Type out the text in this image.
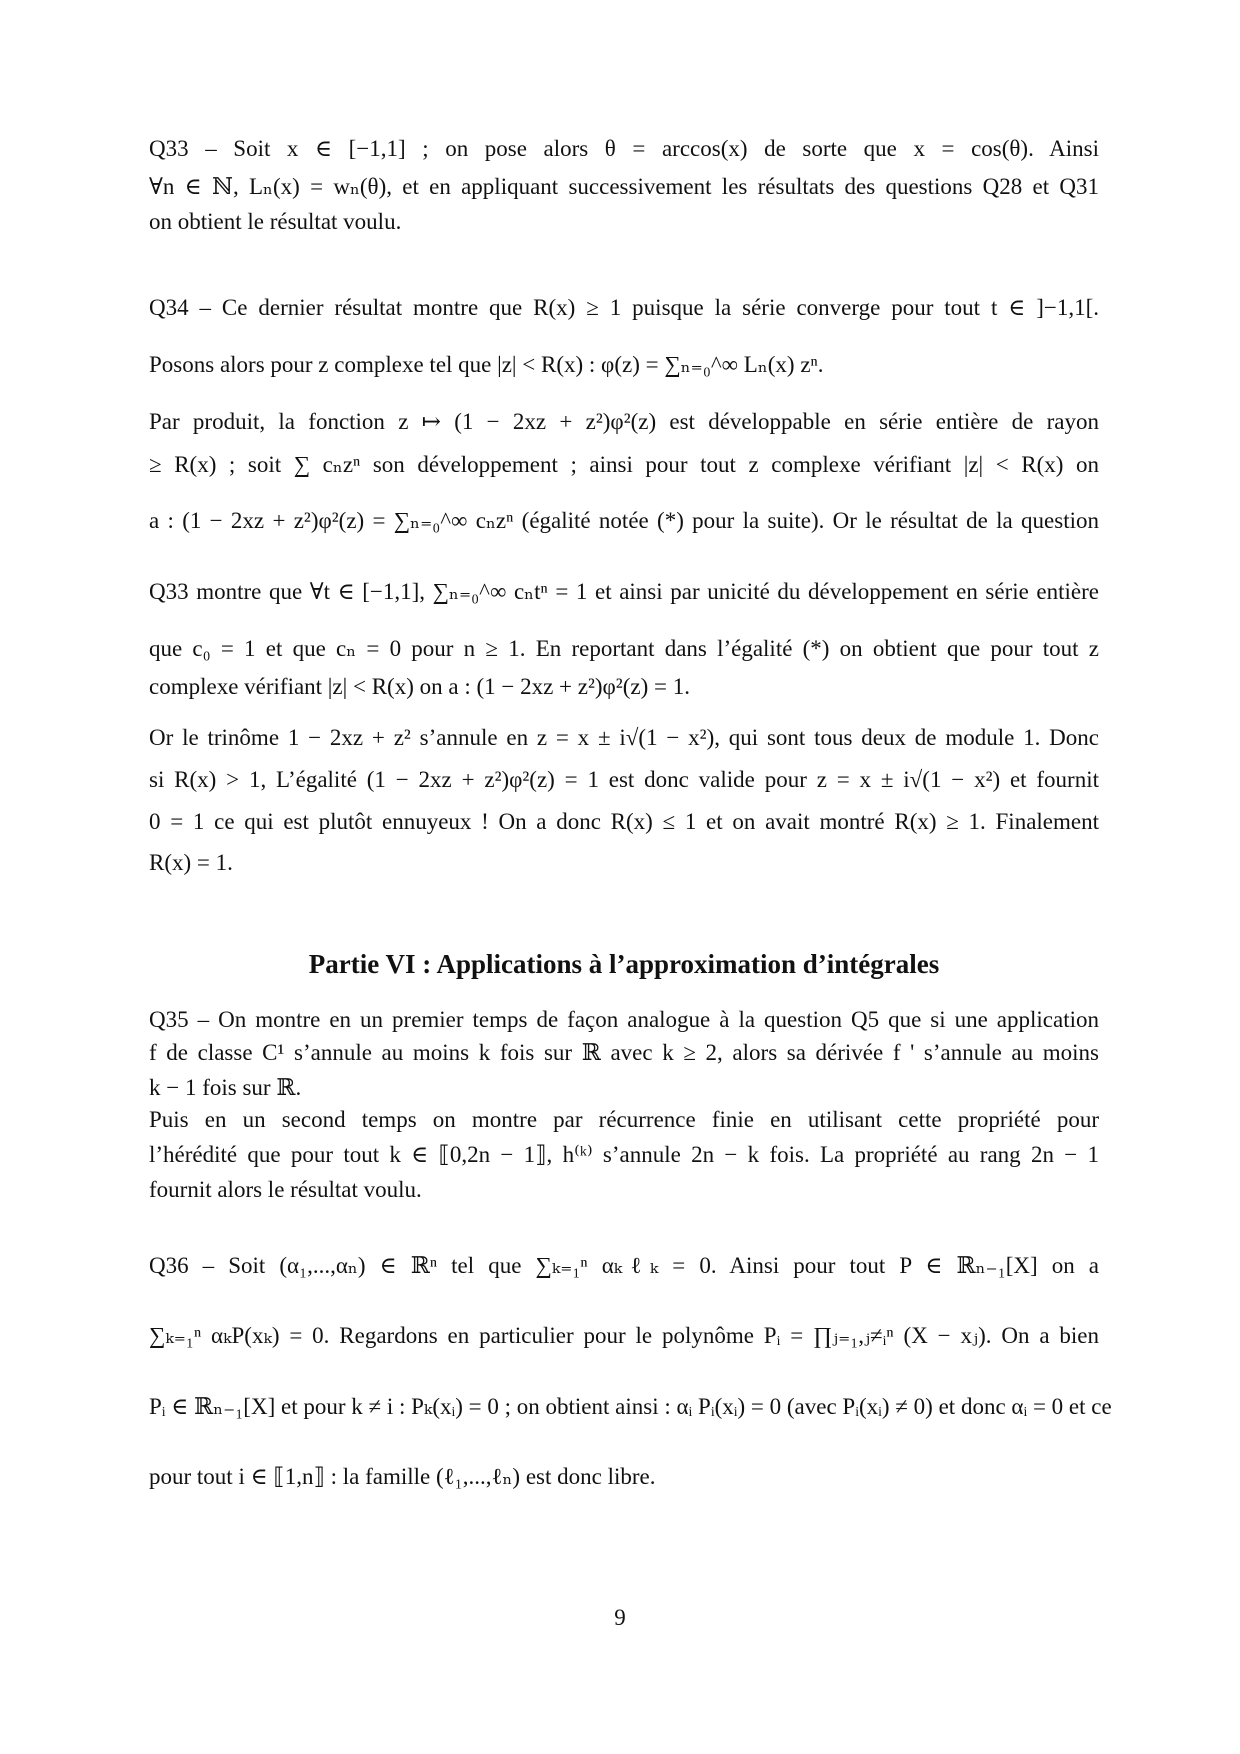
Q33 – Soit x ∈ [−1,1] ; on pose alors θ = arccos(x) de sorte que x = cos(θ). Ainsi
∀n ∈ ℕ, Lₙ(x) = wₙ(θ), et en appliquant successivement les résultats des questions Q28 et Q31
on obtient le résultat voulu.
Q34 – Ce dernier résultat montre que R(x) ≥ 1 puisque la série converge pour tout t ∈ ]−1,1[.
Posons alors pour z complexe tel que |z| < R(x) : φ(z) = ∑ₙ₌₀^∞ Lₙ(x) zⁿ.
Par produit, la fonction z ↦ (1 − 2xz + z²)φ²(z) est développable en série entière de rayon
≥ R(x) ; soit ∑ cₙzⁿ son développement ; ainsi pour tout z complexe vérifiant |z| < R(x) on
a : (1 − 2xz + z²)φ²(z) = ∑ₙ₌₀^∞ cₙzⁿ (égalité notée (*) pour la suite). Or le résultat de la question
Q33 montre que ∀t ∈ [−1,1], ∑ₙ₌₀^∞ cₙtⁿ = 1 et ainsi par unicité du développement en série entière
que c₀ = 1 et que cₙ = 0 pour n ≥ 1. En reportant dans l’égalité (*) on obtient que pour tout z
complexe vérifiant |z| < R(x) on a : (1 − 2xz + z²)φ²(z) = 1.
Or le trinôme 1 − 2xz + z² s’annule en z = x ± i√(1 − x²), qui sont tous deux de module 1. Donc
si R(x) > 1, L’égalité (1 − 2xz + z²)φ²(z) = 1 est donc valide pour z = x ± i√(1 − x²) et fournit
0 = 1 ce qui est plutôt ennuyeux ! On a donc R(x) ≤ 1 et on avait montré R(x) ≥ 1. Finalement
R(x) = 1.
Partie VI : Applications à l’approximation d’intégrales
Q35 – On montre en un premier temps de façon analogue à la question Q5 que si une application
f de classe C¹ s’annule au moins k fois sur ℝ avec k ≥ 2, alors sa dérivée f ' s’annule au moins
k − 1 fois sur ℝ.
Puis en un second temps on montre par récurrence finie en utilisant cette propriété pour
l’hérédité que pour tout k ∈ ⟦0,2n − 1⟧, h⁽ᵏ⁾ s’annule 2n − k fois. La propriété au rang 2n − 1
fournit alors le résultat voulu.
Q36 – Soit (α₁,...,αₙ) ∈ ℝⁿ tel que ∑ₖ₌₁ⁿ αₖℓₖ = 0. Ainsi pour tout P ∈ ℝₙ₋₁[X] on a
∑ₖ₌₁ⁿ αₖP(xₖ) = 0. Regardons en particulier pour le polynôme Pᵢ = ∏ⱼ₌₁,ⱼ≠ᵢⁿ (X − xⱼ). On a bien
Pᵢ ∈ ℝₙ₋₁[X] et pour k ≠ i : Pₖ(xᵢ) = 0 ; on obtient ainsi : αᵢ Pᵢ(xᵢ) = 0 (avec Pᵢ(xᵢ) ≠ 0) et donc αᵢ = 0 et ce
pour tout i ∈ ⟦1,n⟧ : la famille (ℓ₁,...,ℓₙ) est donc libre.
9
